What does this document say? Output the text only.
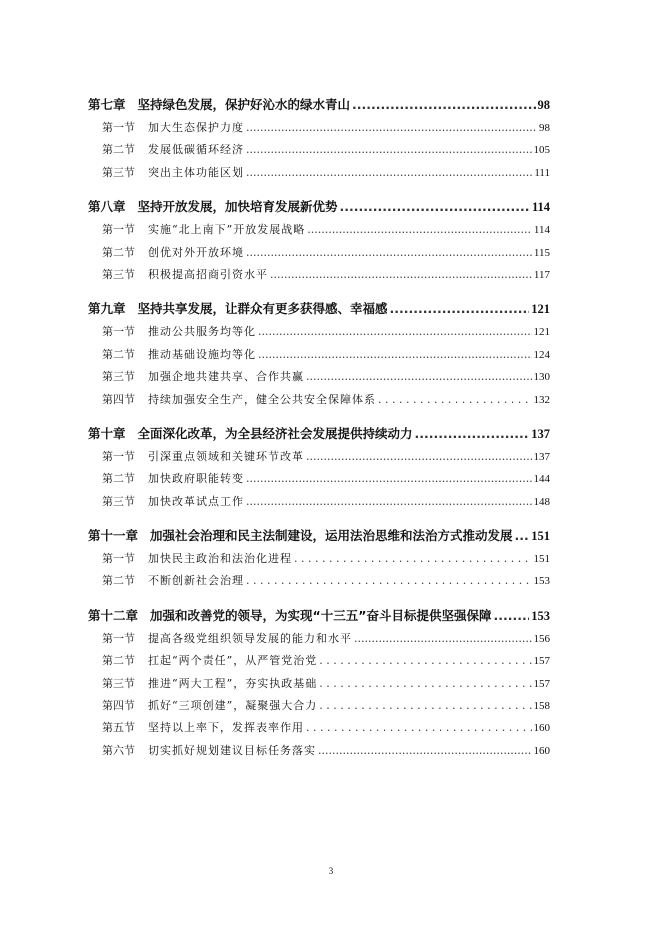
第七章 坚持绿色发展，保护好沁水的绿水青山 .....	98
第一节	加大生态保护力度 .....	98
第二节	发展低碳循环经济 .....	105
第三节	突出主体功能区划 .....	111
第八章 坚持开放发展，加快培育发展新优势 .....	114
第一节	实施“北上南下”开放发展战略 .....	114
第二节	创优对外开放环境 .....	115
第三节	积极提高招商引资水平 .....	117
第九章 坚持共享发展，让群众有更多获得感、幸福感 .....	121
第一节	推动公共服务均等化 .....	121
第二节	推动基础设施均等化 .....	124
第三节	加强企地共建共享、合作共赢 .....	130
第四节	持续加强安全生产，健全公共安全保障体系 . . .	132
第十章 全面深化改革，为全县经济社会发展提供持续动力 .....	137
第一节	引深重点领域和关键环节改革 .....	137
第二节	加快政府职能转变 .....	144
第三节	加快改革试点工作 .....	148
第十一章 加强社会治理和民主法制建设，运用法治思维和法治方式推动发展 ..... 151
第一节	加快民主政治和法治化进程 . . .	151
第二节	不断创新社会治理 . . .	153
第十二章 加强和改善党的领导，为实现“十三五”奋斗目标提供坚强保障 .....	153
第一节	提高各级党组织领导发展的能力和水平 .....	156
第二节	扛起“两个责任”，从严管党治党 . . .	157
第三节	推进“两大工程”，夯实执政基础 . . .	157
第四节	抓好“三项创建”，凝聚强大合力 . . .	158
第五节	坚持以上率下，发挥表率作用 . . .	160
第六节	切实抓好规划建议目标任务落实 .....	160
3
